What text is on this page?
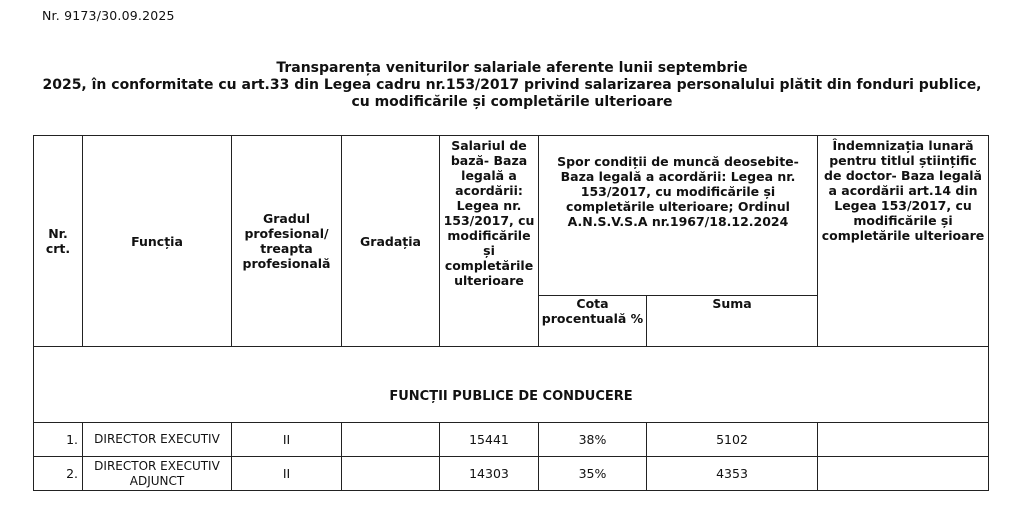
Nr. 9173/30.09.2025
Transparența veniturilor salariale aferente lunii septembrie
2025, în conformitate cu art.33 din Legea cadru nr.153/2017 privind salarizarea personalului plătit din fonduri publice,
cu modificările și completările ulterioare
Nr. crt.	Funcția	Gradul profesional/ treapta profesională	Gradația	Salariul de bază- Baza legală a acordării: Legea nr. 153/2017, cu modificările și completările ulterioare	Spor condiții de muncă deosebite- Baza legală a acordării: Legea nr. 153/2017, cu modificările și completările ulterioare; Ordinul A.N.S.V.S.A nr.1967/18.12.2024		Îndemnizația lunară pentru titlul științific de doctor- Baza legală a acordării art.14 din Legea 153/2017, cu modificările și completările ulterioare
					Cota procentuală %	Suma	
FUNCȚII PUBLICE DE CONDUCERE							
1.	DIRECTOR EXECUTIV	II		15441	38%	5102	
2.	DIRECTOR EXECUTIV ADJUNCT	II		14303	35%	4353	
